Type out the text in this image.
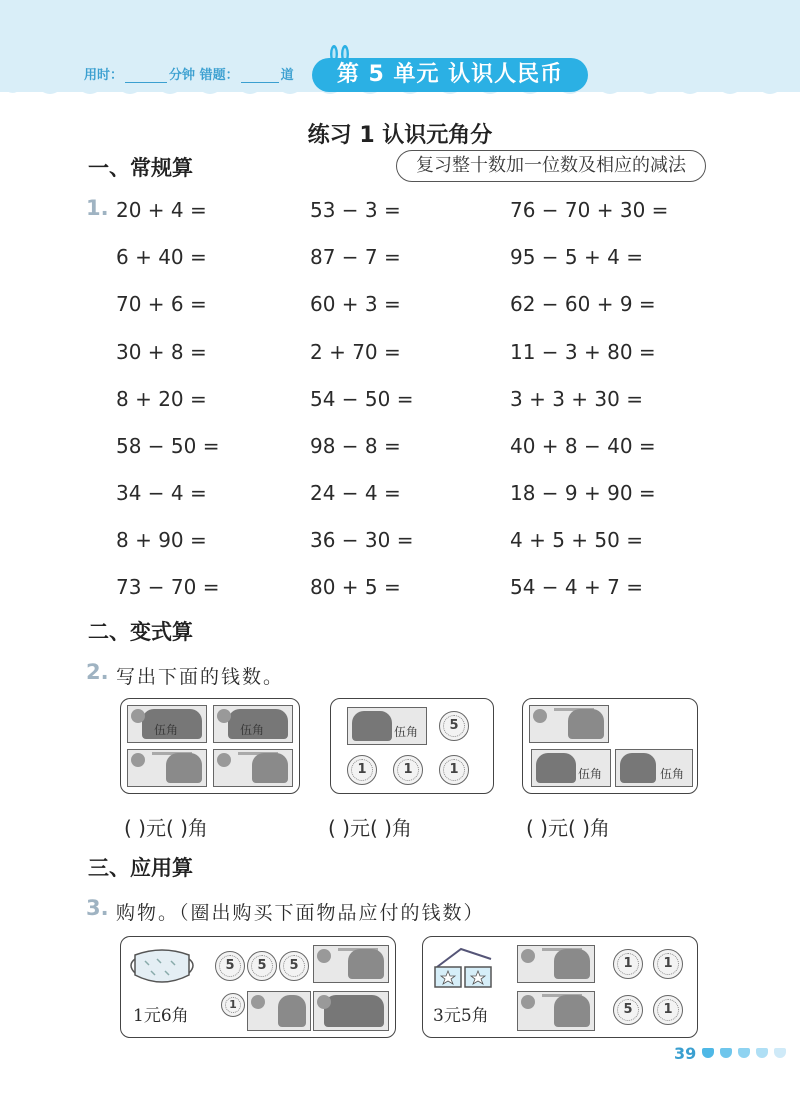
用时：	分钟 错题：	道	第 5 单元 认识人民币
练习 1 认识元角分
一、常规算	复习整十数加一位数及相应的减法
1. 20 + 4 =	53 − 3 =	76 − 70 + 30 =
6 + 40 =	87 − 7 =	95 − 5 + 4 =
70 + 6 =	60 + 3 =	62 − 60 + 9 =
30 + 8 =	2 + 70 =	11 − 3 + 80 =
8 + 20 =	54 − 50 =	3 + 3 + 30 =
58 − 50 =	98 − 8 =	40 + 8 − 40 =
34 − 4 =	24 − 4 =	18 − 9 + 90 =
8 + 90 =	36 − 30 =	4 + 5 + 50 =
73 − 70 =	80 + 5 =	54 − 4 + 7 =
二、变式算
2. 写出下面的钱数。
伍角	伍角	伍角	5
1	1	1	伍角	伍角
( )元( )角	( )元( )角	( )元( )角
三、应用算
3. 购物。（圈出购买下面物品应付的钱数）
1元6角
5	5	5
1
3元5角
1	1
5	1
39
